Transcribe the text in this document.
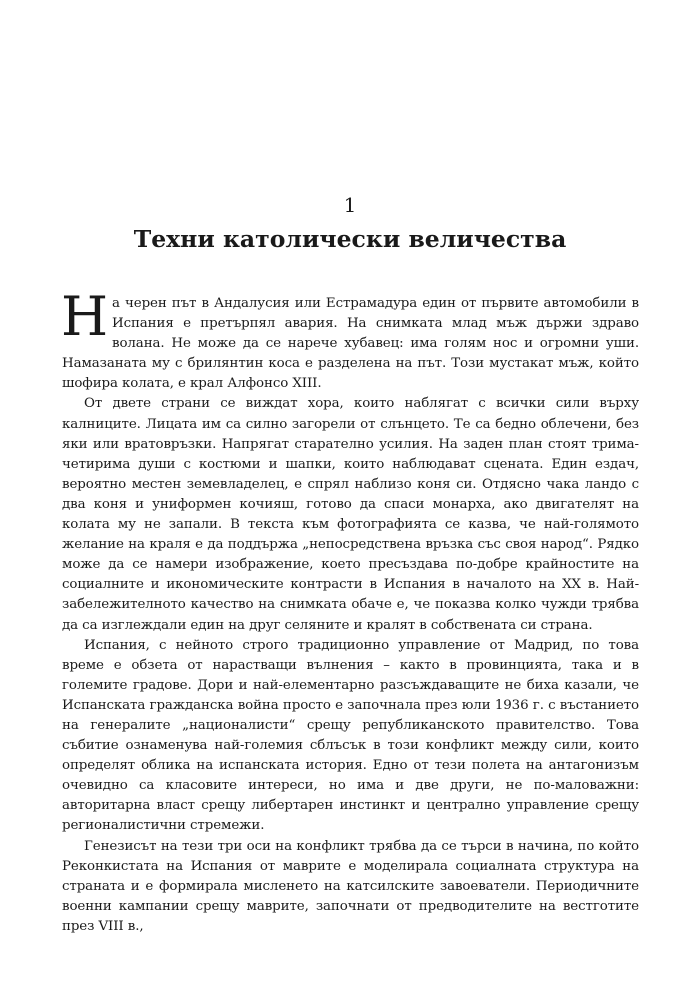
1
Техни католически величества

На черен път в Андалусия или Естрамадура един от първите автомобили в Испания е претърпял авария. На снимката млад мъж държи здраво волана. Не може да се нарече хубавец: има голям нос и огромни уши. Намазаната му с брилянтин коса е разделена на път. Този мустакат мъж, който шофира колата, е крал Алфонсо XIII.

От двете страни се виждат хора, които наблягат с всички сили върху калниците. Лицата им са силно загорели от слънцето. Те са бедно облечени, без яки или вратовръзки. Напрягат старателно усилия. На заден план стоят трима-четирима души с костюми и шапки, които наблюдават сцената. Един ездач, вероятно местен земевладелец, е спрял наблизо коня си. Отдясно чака ландо с два коня и униформен кочияш, готово да спаси монарха, ако двигателят на колата му не запали. В текста към фотографията се казва, че най-голямото желание на краля е да поддържа „непосредствена връзка със своя народ“. Рядко може да се намери изображение, което пресъздава по-добре крайностите на социалните и икономическите контрасти в Испания в началото на XX в. Най-забележителното качество на снимката обаче е, че показва колко чужди трябва да са изглеждали един на друг селяните и кралят в собствената си страна.

Испания, с нейното строго традиционно управление от Мадрид, по това време е обзета от нарастващи вълнения – както в провинцията, така и в големите градове. Дори и най-елементарно разсъждаващите не биха казали, че Испанската гражданска война просто е започнала през юли 1936 г. с въстанието на генералите „националисти“ срещу републиканското правителство. Това събитие ознаменува най-големия сблъсък в този конфликт между сили, които определят облика на испанската история. Едно от тези полета на антагонизъм очевидно са класовите интереси, но има и две други, не по-маловажни: авторитарна власт срещу либертарен инстинкт и централно управление срещу регионалистични стремежи.

Генезисът на тези три оси на конфликт трябва да се търси в начина, по който Реконкистата на Испания от маврите е моделирала социалната структура на страната и е формирала мисленето на катсилските завоеватели. Периодичните военни кампании срещу маврите, започнати от предводителите на вестготите през VIII в.,
